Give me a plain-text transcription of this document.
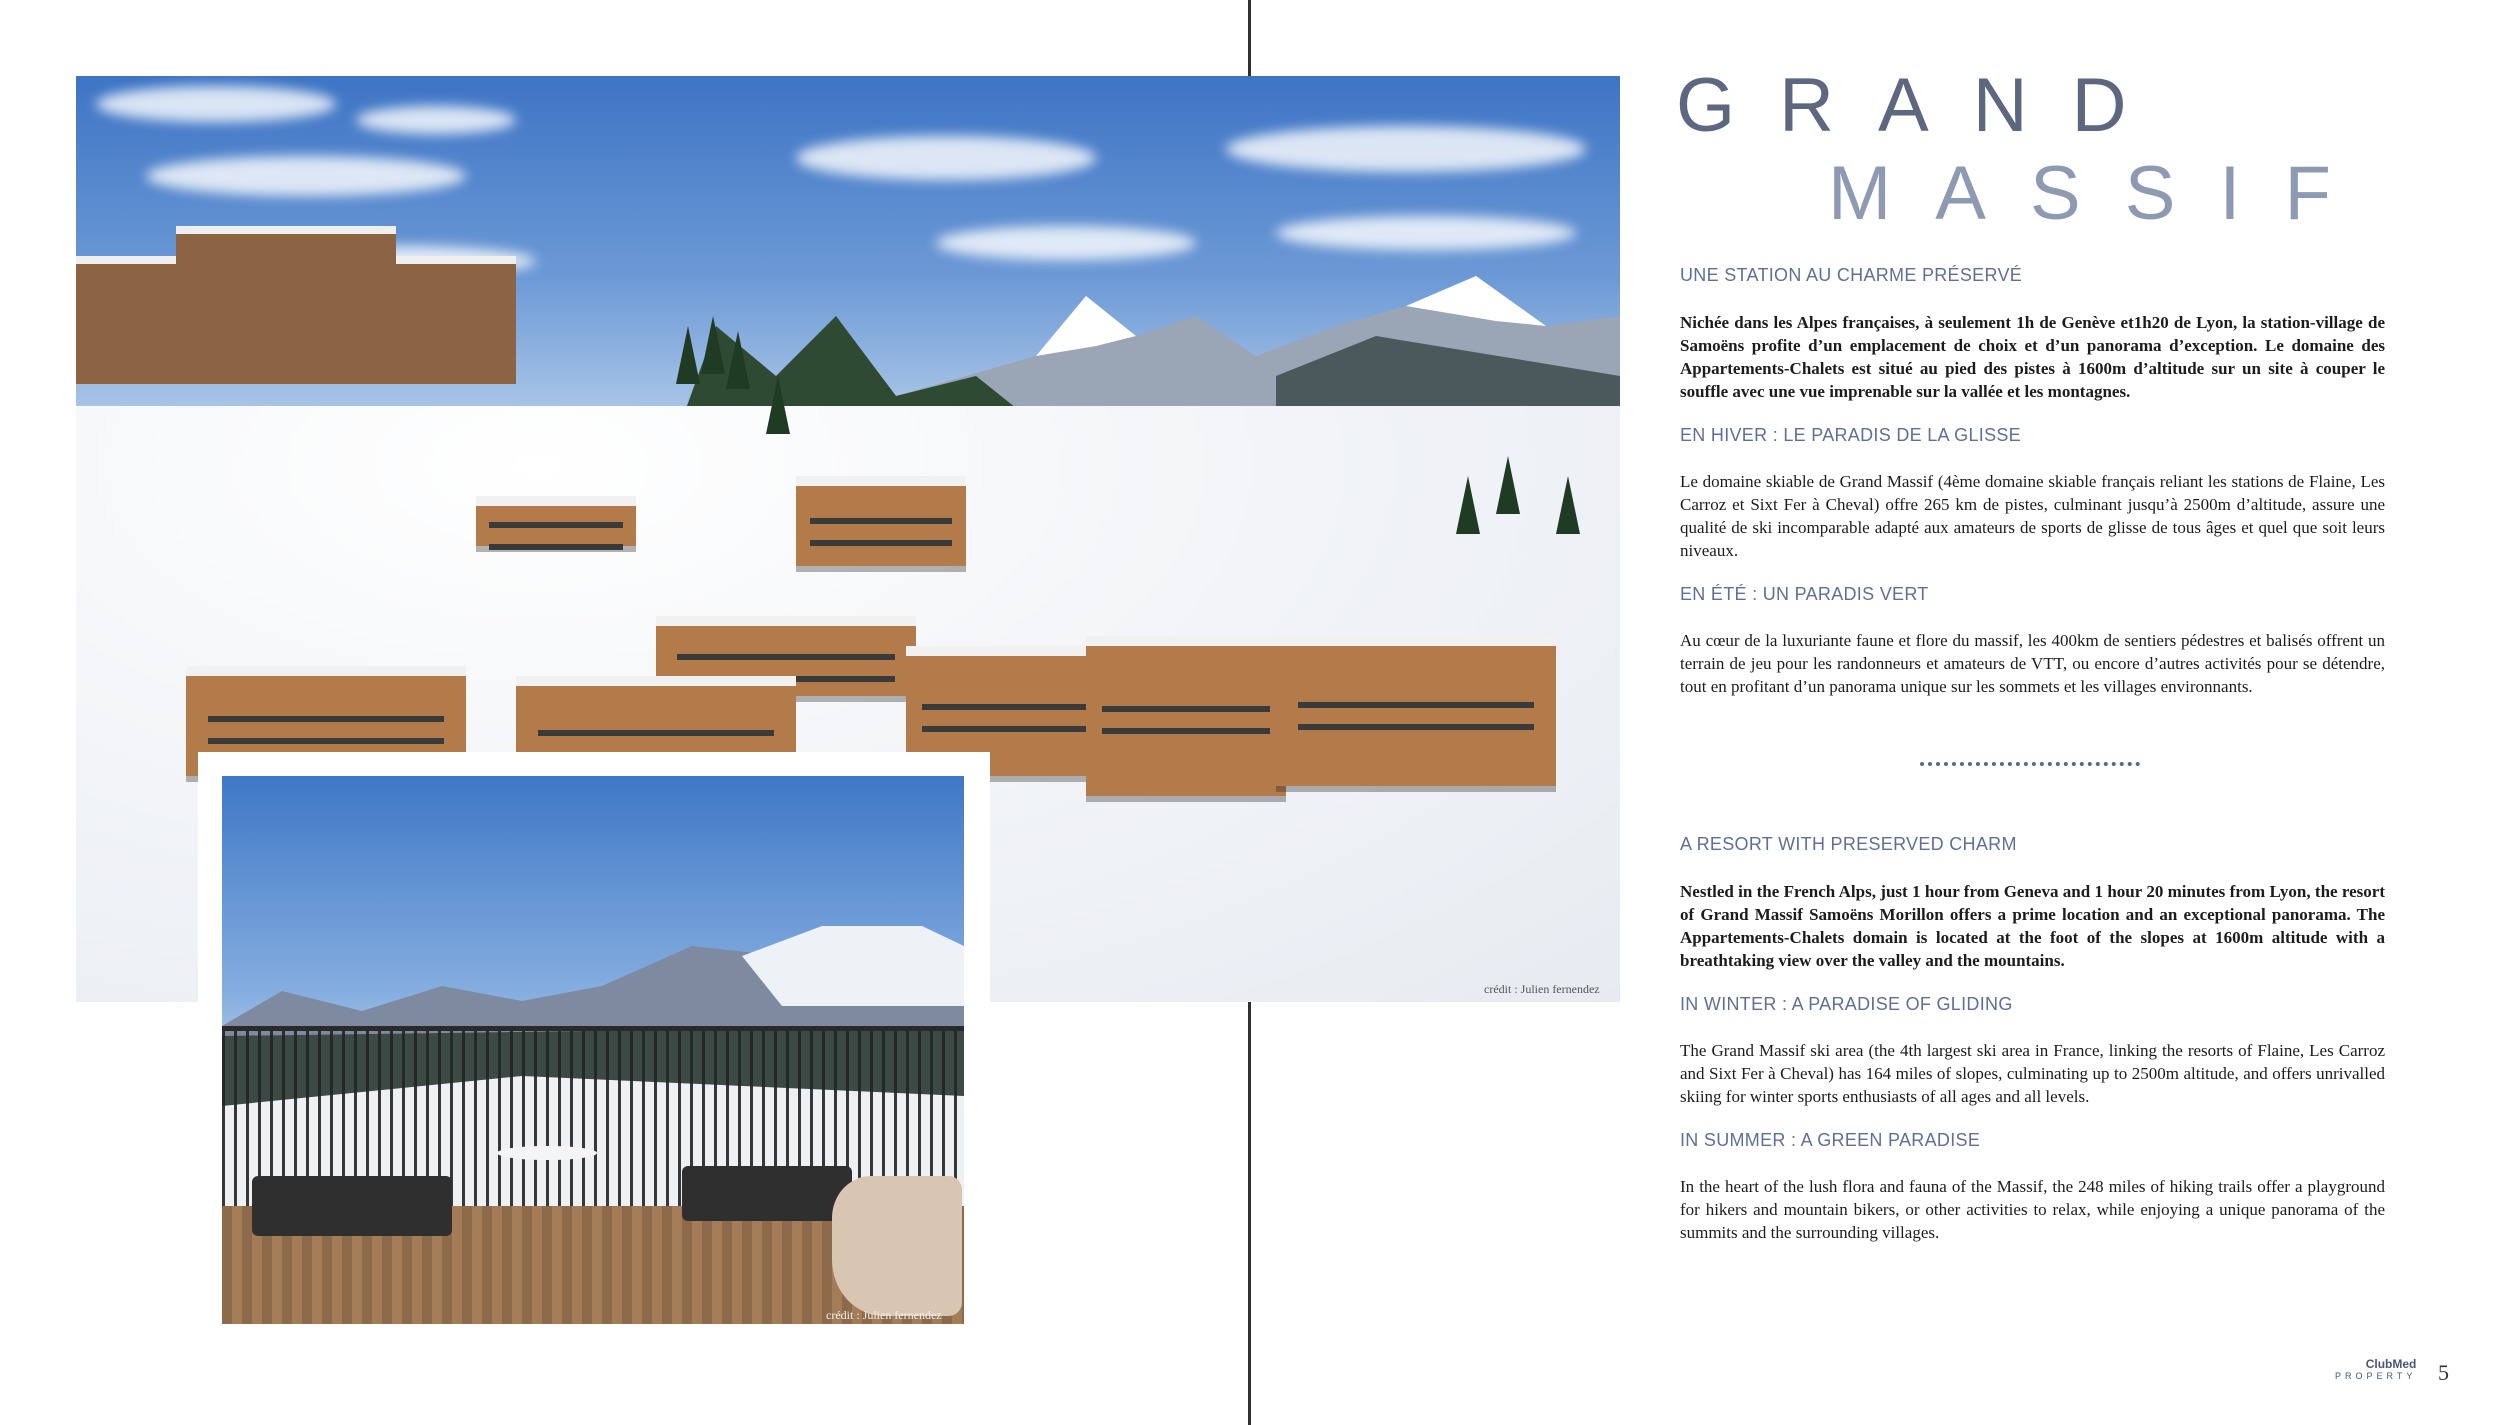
crédit : Julien fernendez
crédit : Julien fernendez
GRAND
MASSIF
UNE STATION AU CHARME PRÉSERVÉ

Nichée dans les Alpes françaises, à seulement 1h de Genève et1h20 de Lyon, la station-village de Samoëns profite d’un emplacement de choix et d’un panorama d’exception. Le domaine des Appartements-Chalets est situé au pied des pistes à 1600m d’altitude sur un site à couper le souffle avec une vue imprenable sur la vallée et les montagnes.

EN HIVER : LE PARADIS DE LA GLISSE

Le domaine skiable de Grand Massif (4ème domaine skiable français reliant les stations de Flaine, Les Carroz et Sixt Fer à Cheval) offre 265 km de pistes, culminant jusqu’à 2500m d’altitude, assure une qualité de ski incomparable adapté aux amateurs de sports de glisse de tous âges et quel que soit leurs niveaux.

EN ÉTÉ : UN PARADIS VERT

Au cœur de la luxuriante faune et flore du massif, les 400km de sentiers pédestres et balisés offrent un terrain de jeu pour les randonneurs et amateurs de VTT, ou encore d’autres activités pour se détendre, tout en profitant d’un panorama unique sur les sommets et les villages environnants.

A RESORT WITH PRESERVED CHARM

Nestled in the French Alps, just 1 hour from Geneva and 1 hour 20 minutes from Lyon, the resort of Grand Massif Samoëns Morillon offers a prime location and an exceptional panorama. The Appartements-Chalets domain is located at the foot of the slopes at 1600m altitude with a breathtaking view over the valley and the mountains.

IN WINTER : A PARADISE OF GLIDING

The Grand Massif ski area (the 4th largest ski area in France, linking the resorts of Flaine, Les Carroz and Sixt Fer à Cheval) has 164 miles of slopes, culminating up to 2500m altitude, and offers unrivalled skiing for winter sports enthusiasts of all ages and all levels.

IN SUMMER : A GREEN PARADISE

In the heart of the lush flora and fauna of the Massif, the 248 miles of hiking trails offer a playground for hikers and mountain bikers, or other activities to relax, while enjoying a unique panorama of the summits and the surrounding villages.

ClubMed
PROPERTY 5
